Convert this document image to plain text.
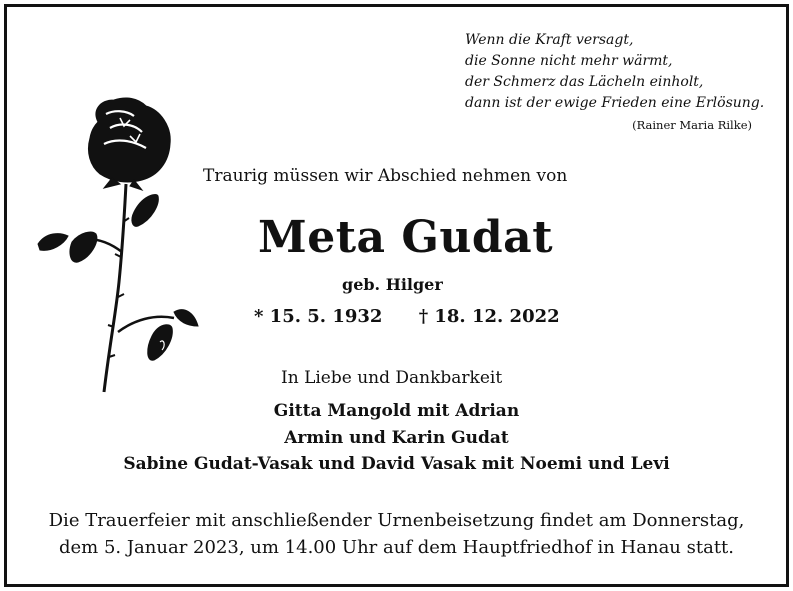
Wenn die Kraft versagt,
die Sonne nicht mehr wärmt,
der Schmerz das Lächeln einholt,
dann ist der ewige Frieden eine Erlösung.
(Rainer Maria Rilke)
Traurig müssen wir Abschied nehmen von
Meta Gudat
geb. Hilger
* 15. 5. 1932 † 18. 12. 2022
In Liebe und Dankbarkeit
Gitta Mangold mit Adrian
Armin und Karin Gudat
Sabine Gudat-Vasak und David Vasak mit Noemi und Levi
Die Trauerfeier mit anschließender Urnenbeisetzung findet am Donnerstag,
dem 5. Januar 2023, um 14.00 Uhr auf dem Hauptfriedhof in Hanau statt.
